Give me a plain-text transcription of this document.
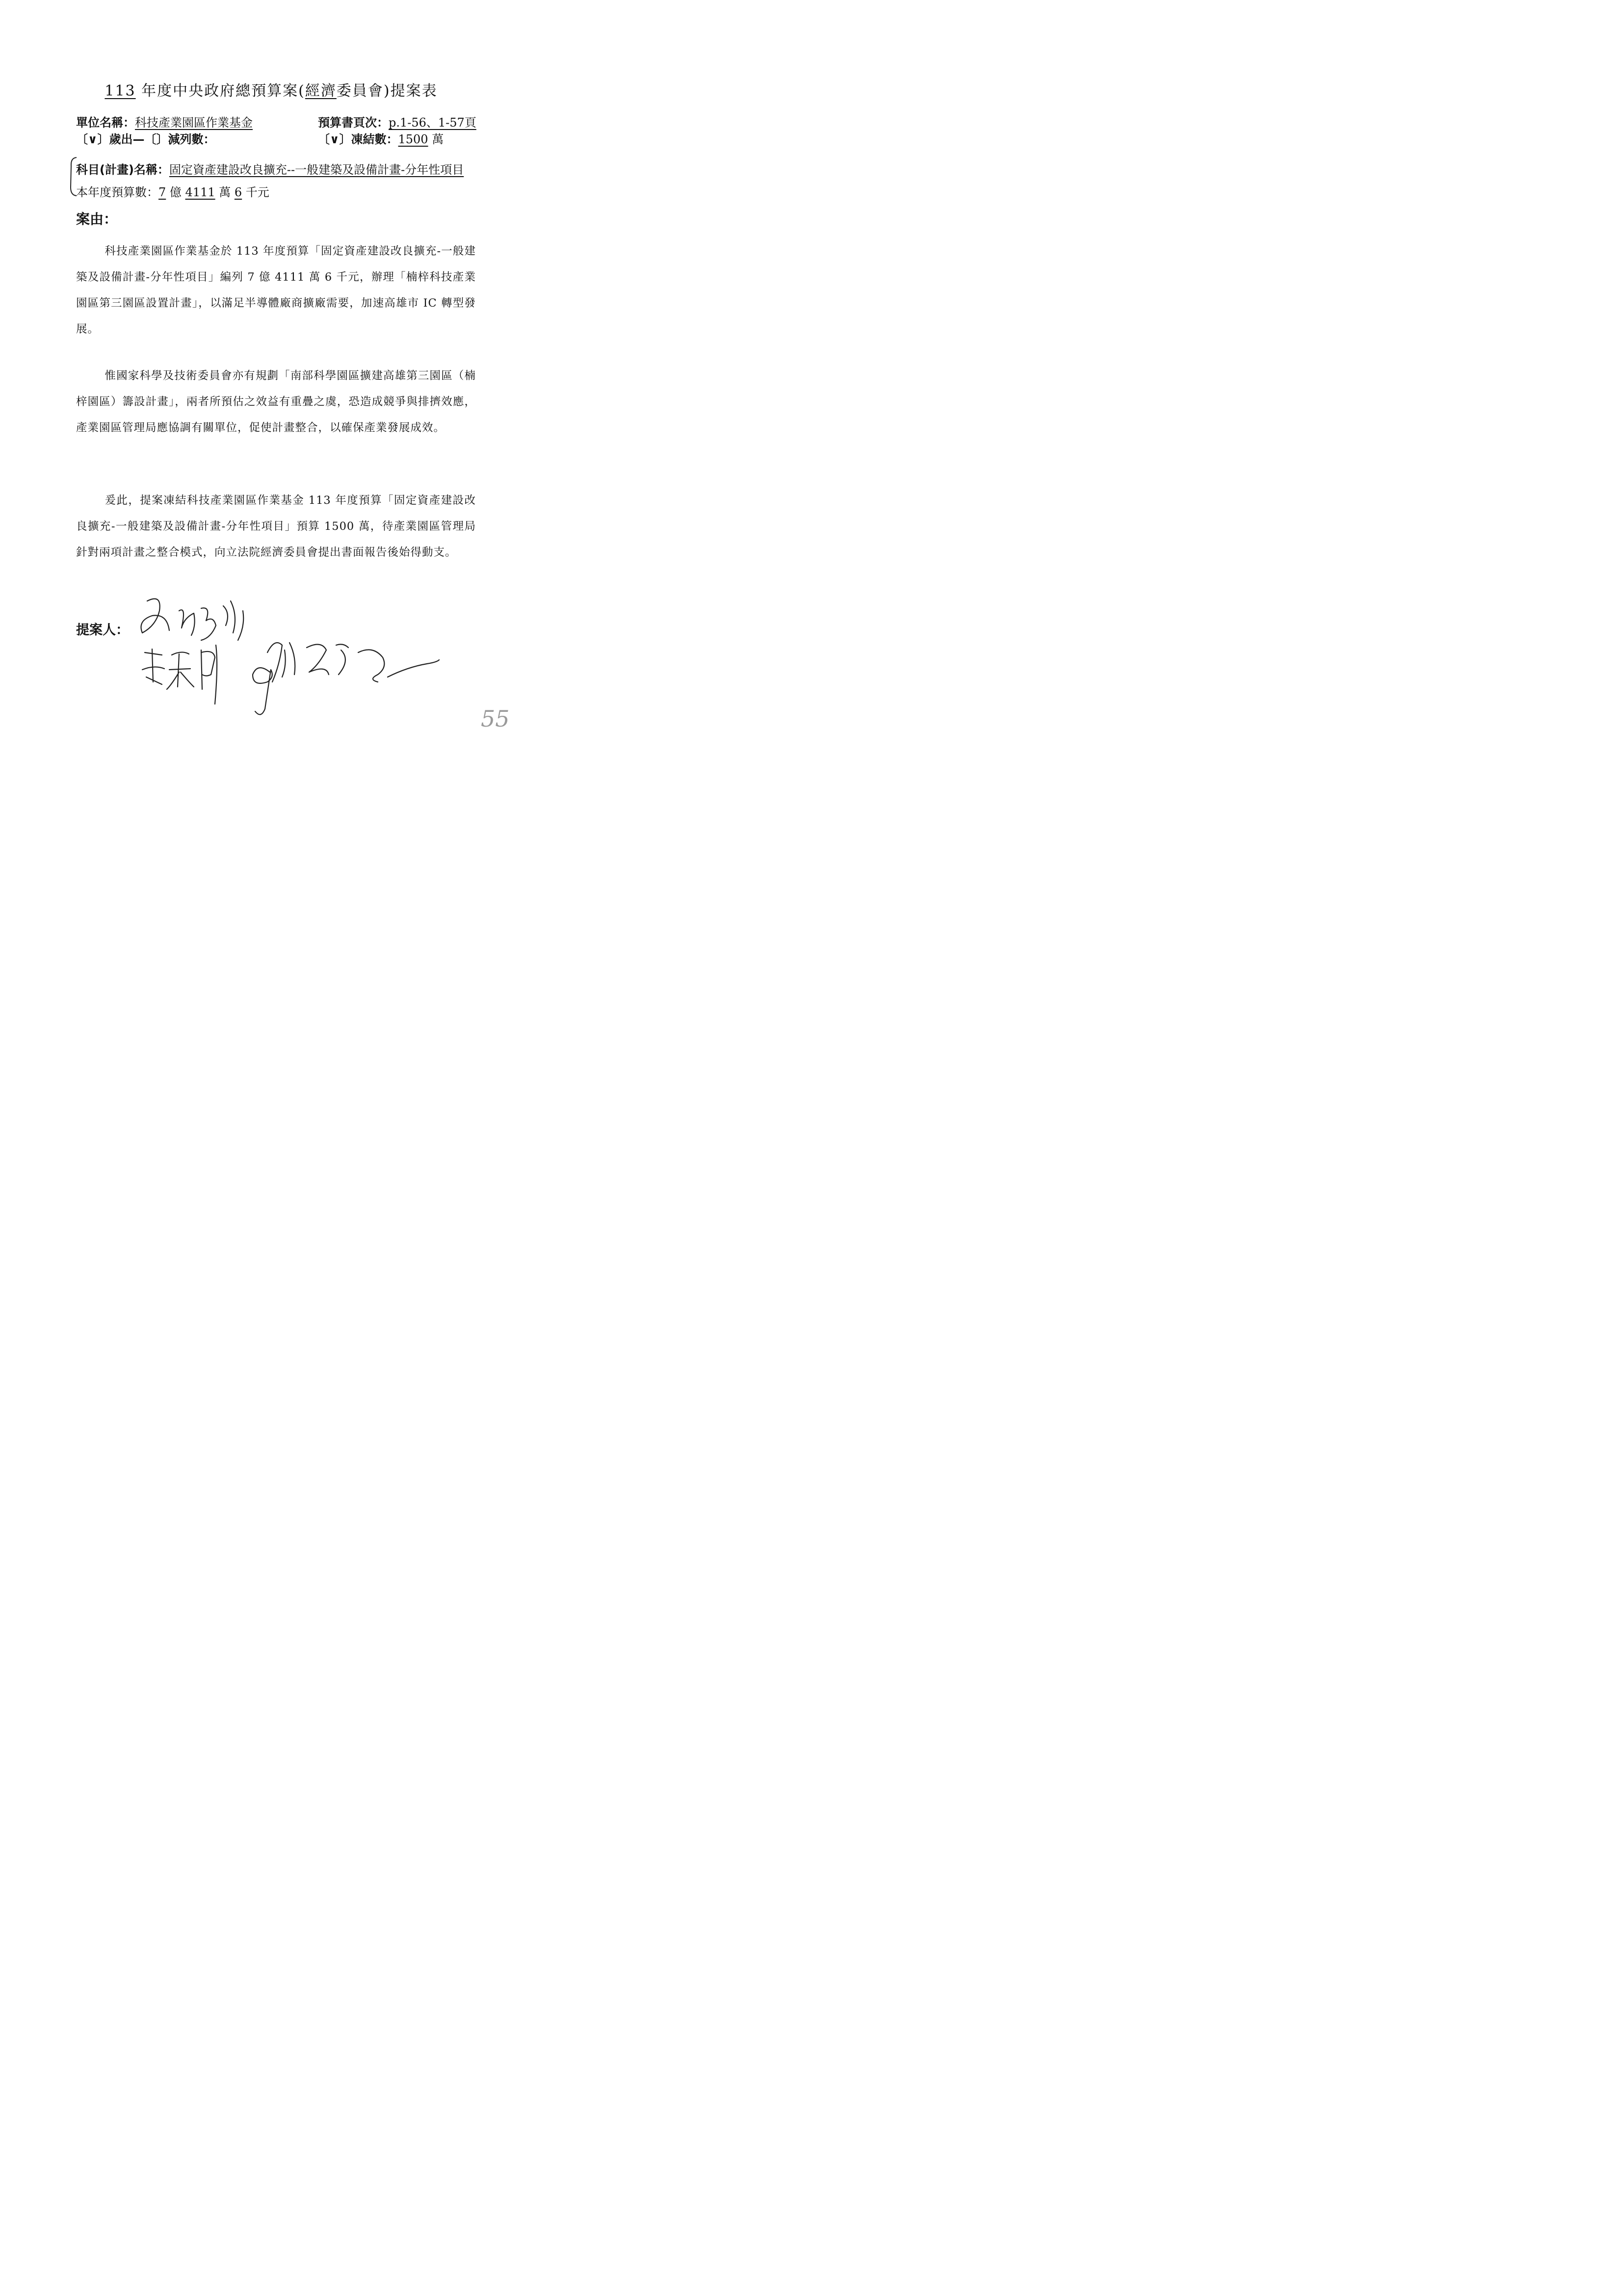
113 年度中央政府總預算案(經濟委員會)提案表
單位名稱：科技產業園區作業基金	預算書頁次：p.1-56、1-57頁
〔∨〕歲出—〔〕減列數：	〔∨〕凍結數：1500 萬
科目(計畫)名稱：固定資產建設改良擴充--一般建築及設備計畫-分年性項目
本年度預算數：7 億 4111 萬 6 千元
案由：
科技產業園區作業基金於 113 年度預算「固定資產建設改良擴充-一般建築及設備計畫-分年性項目」編列 7 億 4111 萬 6 千元，辦理「楠梓科技產業園區第三園區設置計畫」，以滿足半導體廠商擴廠需要，加速高雄市 IC 轉型發展。
惟國家科學及技術委員會亦有規劃「南部科學園區擴建高雄第三園區（楠梓園區）籌設計畫」，兩者所預估之效益有重疊之虞，恐造成競爭與排擠效應，產業園區管理局應協調有關單位，促使計畫整合，以確保產業發展成效。
爰此，提案凍結科技產業園區作業基金 113 年度預算「固定資產建設改良擴充-一般建築及設備計畫-分年性項目」預算 1500 萬，待產業園區管理局針對兩項計畫之整合模式，向立法院經濟委員會提出書面報告後始得動支。
提案人：
55
